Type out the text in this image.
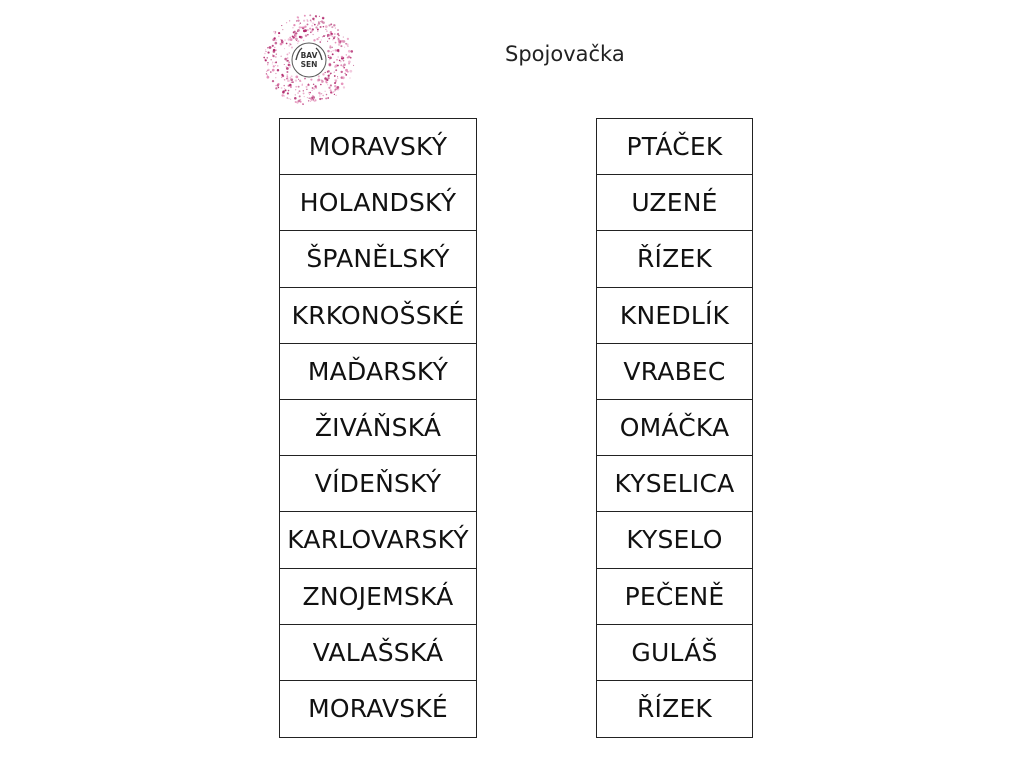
BAV
SEN	Spojovačka
MORAVSKÝ
HOLANDSKÝ
ŠPANĚLSKÝ
KRKONOŠSKÉ
MAĎARSKÝ
ŽIVÁŇSKÁ
VÍDEŇSKÝ
KARLOVARSKÝ
ZNOJEMSKÁ
VALAŠSKÁ
MORAVSKÉ
PTÁČEK
UZENÉ
ŘÍZEK
KNEDLÍK
VRABEC
OMÁČKA
KYSELICA
KYSELO
PEČENĚ
GULÁŠ
ŘÍZEK
